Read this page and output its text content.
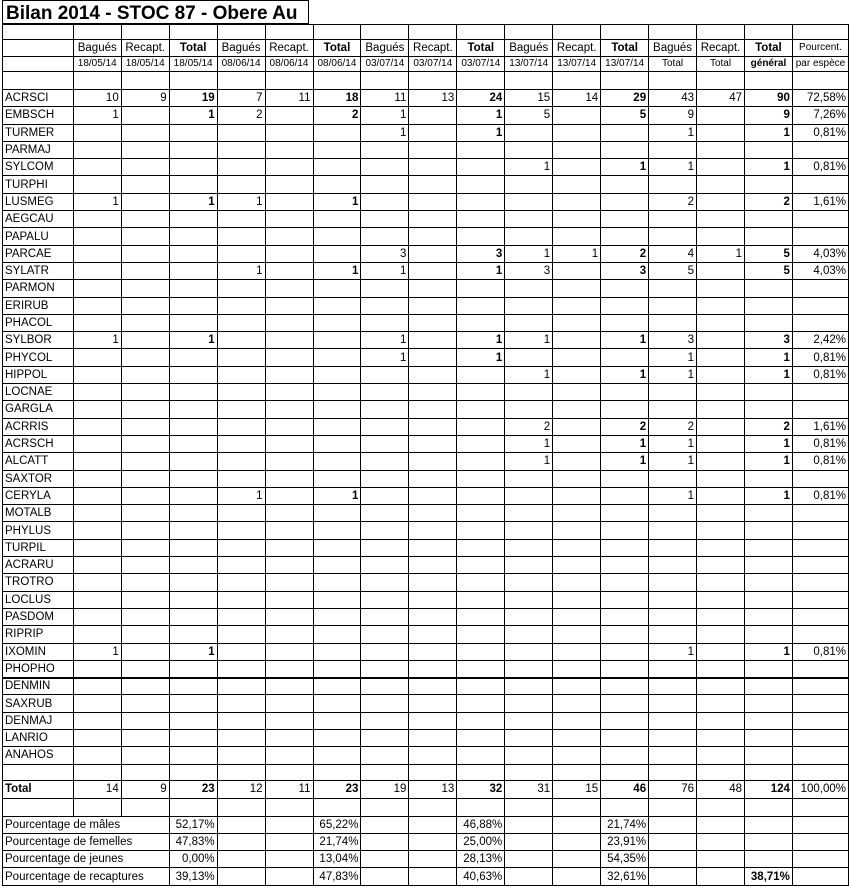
Bilan 2014 - STOC 87 - Obere Au

	Bagués	Recapt.	Total	Bagués	Recapt.	Total	Bagués	Recapt.	Total	Bagués	Recapt.	Total	Bagués	Recapt.	Total	Pourcent.
	18/05/14	18/05/14	18/05/14	08/06/14	08/06/14	08/06/14	03/07/14	03/07/14	03/07/14	13/07/14	13/07/14	13/07/14	Total	Total	général	par espèce

ACRSCI	10	9	19	7	11	18	11	13	24	15	14	29	43	47	90	72,58%
EMBSCH	1		1	2		2	1		1	5		5	9		9	7,26%
TURMER							1		1				1		1	0,81%
PARMAJ																
SYLCOM										1		1	1		1	0,81%
TURPHI																
LUSMEG	1		1	1		1							2		2	1,61%
AEGCAU																
PAPALU																
PARCAE							3		3	1	1	2	4	1	5	4,03%
SYLATR				1		1	1		1	3		3	5		5	4,03%
PARMON																
ERIRUB																
PHACOL																
SYLBOR	1		1				1		1	1		1	3		3	2,42%
PHYCOL							1		1				1		1	0,81%
HIPPOL										1		1	1		1	0,81%
LOCNAE																
GARGLA																
ACRRIS										2		2	2		2	1,61%
ACRSCH										1		1	1		1	0,81%
ALCATT										1		1	1		1	0,81%
SAXTOR																
CERYLA				1		1							1		1	0,81%
MOTALB																
PHYLUS																
TURPIL																
ACRARU																
TROTRO																
LOCLUS																
PASDOM																
RIPRIP																
IXOMIN	1		1										1		1	0,81%
PHOPHO																
DENMIN																
SAXRUB																
DENMAJ																
LANRIO																
ANAHOS																

Total	14	9	23	12	11	23	19	13	32	31	15	46	76	48	124	100,00%

Pourcentage de mâles			52,17%			65,22%			46,88%			21,74%				
Pourcentage de femelles			47,83%			21,74%			25,00%			23,91%				
Pourcentage de jeunes			0,00%			13,04%			28,13%			54,35%				
Pourcentage de recaptures			39,13%			47,83%			40,63%			32,61%			38,71%	
